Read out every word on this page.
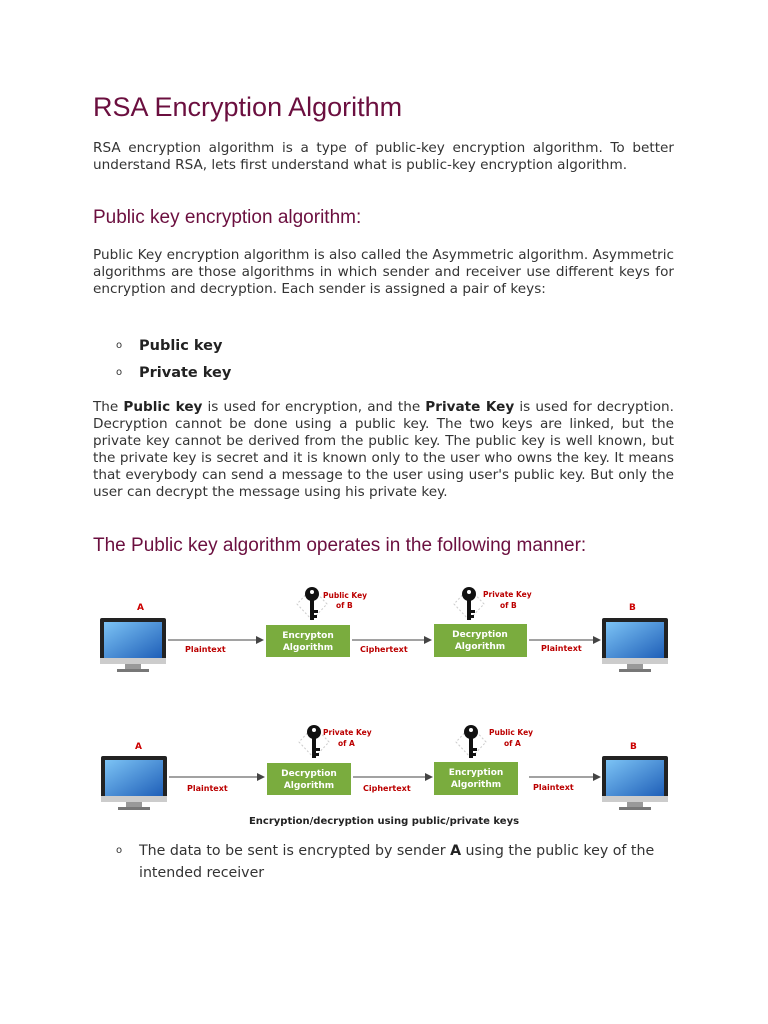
RSA Encryption Algorithm

RSA encryption algorithm is a type of public-key encryption algorithm. To better understand RSA, lets first understand what is public-key encryption algorithm.

Public key encryption algorithm:

Public Key encryption algorithm is also called the Asymmetric algorithm. Asymmetric algorithms are those algorithms in which sender and receiver use different keys for encryption and decryption. Each sender is assigned a pair of keys:

o Public key
o Private key

The Public key is used for encryption, and the Private Key is used for decryption. Decryption cannot be done using a public key. The two keys are linked, but the private key cannot be derived from the public key. The public key is well known, but the private key is secret and it is known only to the user who owns the key. It means that everybody can send a message to the user using user's public key. But only the user can decrypt the message using his private key.

The Public key algorithm operates in the following manner:
o The data to be sent is encrypted by sender A using the public key of the intended receiver
A	B
Plaintext	Ciphertext	Plaintext
Encrypton
Algorithm
Decryption
Algorithm
Public Key
of B
Private Key
of B
A	B
Plaintext	Ciphertext	Plaintext
Decryption
Algorithm
Encryption
Algorithm
Private Key
of A
Public Key
of A
Encryption/decryption using public/private keys
